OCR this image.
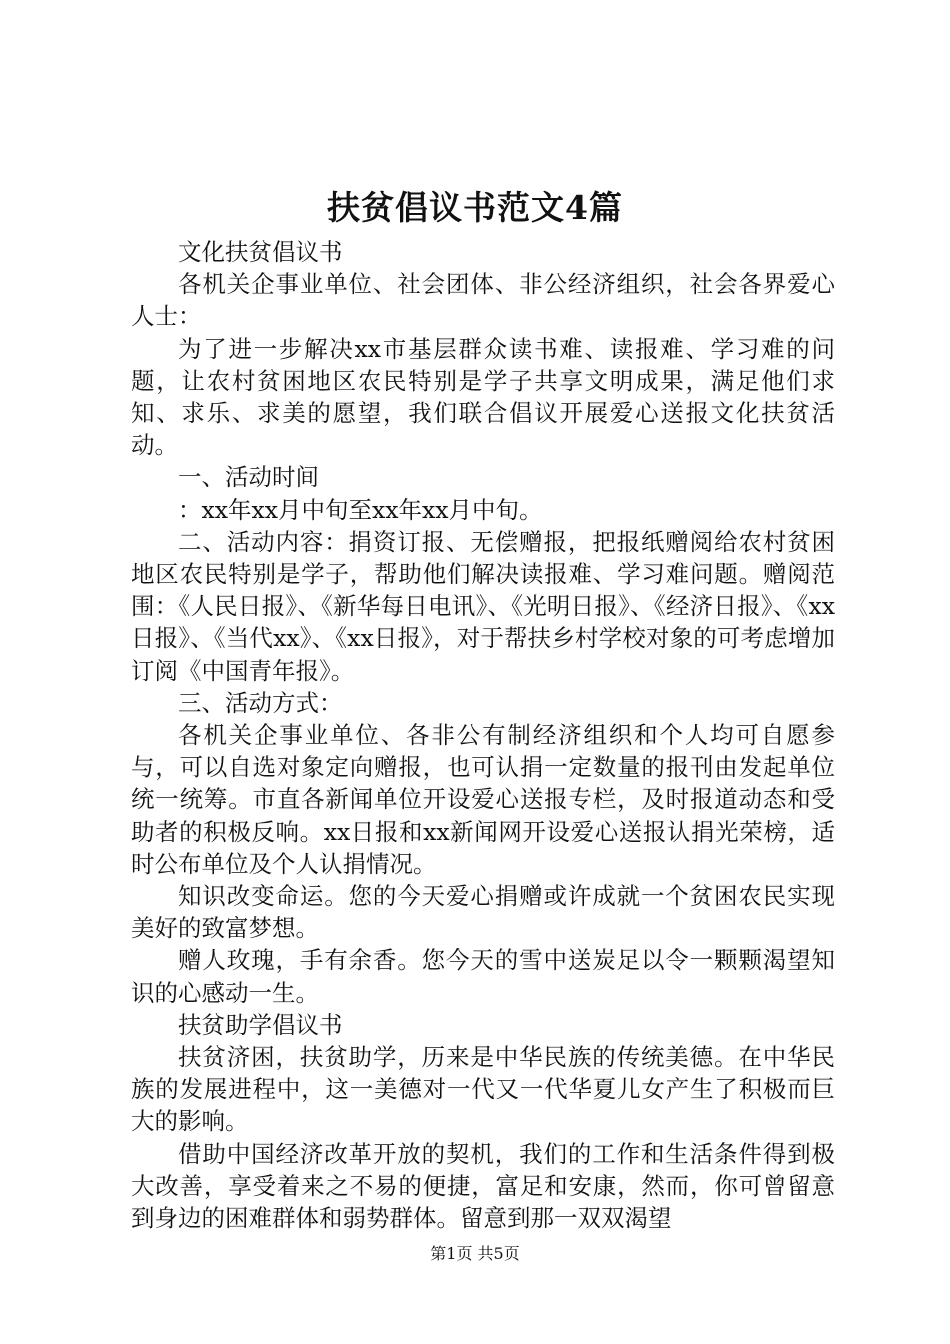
扶贫倡议书范文4篇

文化扶贫倡议书

各机关企事业单位、社会团体、非公经济组织，社会各界爱心人士：

为了进一步解决xx市基层群众读书难、读报难、学习难的问题，让农村贫困地区农民特别是学子共享文明成果，满足他们求知、求乐、求美的愿望，我们联合倡议开展爱心送报文化扶贫活动。

一、活动时间

：xx年xx月中旬至xx年xx月中旬。

二、活动内容：捐资订报、无偿赠报，把报纸赠阅给农村贫困地区农民特别是学子，帮助他们解决读报难、学习难问题。赠阅范围：《人民日报》、《新华每日电讯》、《光明日报》、《经济日报》、《xx日报》、《当代xx》、《xx日报》，对于帮扶乡村学校对象的可考虑增加订阅《中国青年报》。

三、活动方式：

各机关企事业单位、各非公有制经济组织和个人均可自愿参与，可以自选对象定向赠报，也可认捐一定数量的报刊由发起单位统一统筹。市直各新闻单位开设爱心送报专栏，及时报道动态和受助者的积极反响。xx日报和xx新闻网开设爱心送报认捐光荣榜，适时公布单位及个人认捐情况。

知识改变命运。您的今天爱心捐赠或许成就一个贫困农民实现美好的致富梦想。

赠人玫瑰，手有余香。您今天的雪中送炭足以令一颗颗渴望知识的心感动一生。

扶贫助学倡议书

扶贫济困，扶贫助学，历来是中华民族的传统美德。在中华民族的发展进程中，这一美德对一代又一代华夏儿女产生了积极而巨大的影响。

借助中国经济改革开放的契机，我们的工作和生活条件得到极大改善，享受着来之不易的便捷，富足和安康，然而，你可曾留意到身边的困难群体和弱势群体。留意到那一双双渴望

第1页 共5页
